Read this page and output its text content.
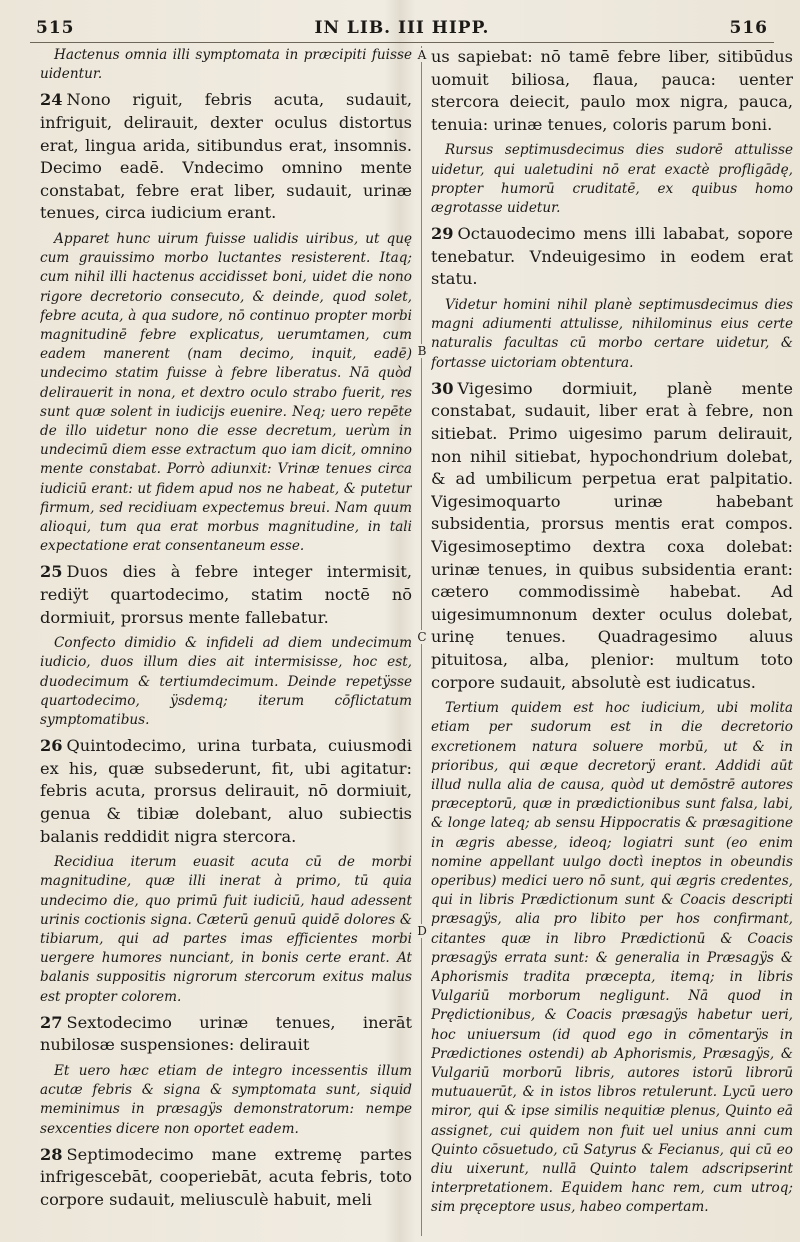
515	IN LIB. III HIPP.	516

Hactenus omnia illi symptomata in præcipiti fuisse uidentur.

24 Nono riguit, febris acuta, sudauit, infriguit, delirauit, dexter oculus distortus erat, lingua arida, sitibundus erat, insomnis. Decimo eadē. Vndecimo omnino mente constabat, febre erat liber, sudauit, urinæ tenues, circa iudicium erant.

Apparet hunc uirum fuisse ualidis uiribus, ut quę cum grauissimo morbo luctantes resisterent. Itaq; cum nihil illi hactenus accidisset boni, uidet die nono rigore decretorio consecuto, & deinde, quod solet, febre acuta, à qua sudore, nō continuo propter morbi magnitudinē febre explicatus, uerumtamen, cum eadem manerent (nam decimo, inquit, eadē) undecimo statim fuisse à febre liberatus. Nā quòd delirauerit in nona, et dextro oculo strabo fuerit, res sunt quæ solent in iudicijs euenire. Neq; uero repēte de illo uidetur nono die esse decretum, uerùm in undecimū diem esse extractum quo iam dicit, omnino mente constabat. Porrò adiunxit: Vrinæ tenues circa iudiciū erant: ut fidem apud nos ne habeat, & putetur firmum, sed recidiuam expectemus breui. Nam quum alioqui, tum qua erat morbus magnitudine, in tali expectatione erat consentaneum esse.

25 Duos dies à febre integer intermisit, rediÿt quartodecimo, statim noctē nō dormiuit, prorsus mente fallebatur.

Confecto dimidio & infideli ad diem undecimum iudicio, duos illum dies ait intermisisse, hoc est, duodecimum & tertiumdecimum. Deinde repetÿsse quartodecimo, ÿsdemq; iterum cōflictatum symptomatibus.

26 Quintodecimo, urina turbata, cuiusmodi ex his, quæ subsederunt, fit, ubi agitatur: febris acuta, prorsus delirauit, nō dormiuit, genua & tibiæ dolebant, aluo subiectis balanis reddidit nigra stercora.

Recidiua iterum euasit acuta cū de morbi magnitudine, quæ illi inerat à primo, tū quia undecimo die, quo primū fuit iudiciū, haud adessent urinis coctionis signa. Cæterū genuū quidē dolores & tibiarum, qui ad partes imas efficientes morbi uergere humores nunciant, in bonis certe erant. At balanis suppositis nigrorum stercorum exitus malus est propter colorem.

27 Sextodecimo urinæ tenues, inerāt nubilosæ suspensiones: delirauit

Et uero hæc etiam de integro incessentis illum acutæ febris & signa & symptomata sunt, siquid meminimus in præsagÿs demonstratorum: nempe sexcenties dicere non oportet eadem.

28 Septimodecimo mane extremę partes infrigescebāt, cooperiebāt, acuta febris, toto corpore sudauit, meliusculè habuit, meli

A
B
C
D

us sapiebat: nō tamē febre liber, sitibūdus uomuit biliosa, flaua, pauca: uenter stercora deiecit, paulo mox nigra, pauca, tenuia: urinæ tenues, coloris parum boni.

Rursus septimusdecimus dies sudorē attulisse uidetur, qui ualetudini nō erat exactè profligādę, propter humorū cruditatē, ex quibus homo ægrotasse uidetur.

29 Octauodecimo mens illi lababat, sopore tenebatur. Vndeuigesimo in eodem erat statu.

Videtur homini nihil planè septimusdecimus dies magni adiumenti attulisse, nihilominus eius certe naturalis facultas cū morbo certare uidetur, & fortasse uictoriam obtentura.

30 Vigesimo dormiuit, planè mente constabat, sudauit, liber erat à febre, non sitiebat. Primo uigesimo parum delirauit, non nihil sitiebat, hypochondrium dolebat, & ad umbilicum perpetua erat palpitatio. Vigesimoquarto urinæ habebant subsidentia, prorsus mentis erat compos. Vigesimoseptimo dextra coxa dolebat: urinæ tenues, in quibus subsidentia erant: cætero commodissimè habebat. Ad uigesimumnonum dexter oculus dolebat, urinę tenues. Quadragesimo aluus pituitosa, alba, plenior: multum toto corpore sudauit, absolutè est iudicatus.

Tertium quidem est hoc iudicium, ubi molita etiam per sudorum est in die decretorio excretionem natura soluere morbū, ut & in prioribus, qui æque decretorÿ erant. Addidi aūt illud nulla alia de causa, quòd ut demōstrē autores præceptorū, quæ in prædictionibus sunt falsa, labi, & longe lateq; ab sensu Hippocratis & præsagitione in ægris abesse, ideoq; logiatri sunt (eo enim nomine appellant uulgo doctì ineptos in obeundis operibus) medici uero nō sunt, qui ægris credentes, qui in libris Prædictionum sunt & Coacis descripti præsagÿs, alia pro libito per hos confirmant, citantes quæ in libro Prædictionū & Coacis præsagÿs errata sunt: & generalia in Præsagÿs & Aphorismis tradita præcepta, itemq; in libris Vulgariū morborum negligunt. Nā quod in Prędictionibus, & Coacis præsagÿs habetur ueri, hoc uniuersum (id quod ego in cōmentarÿs in Prædictiones ostendi) ab Aphorismis, Præsagÿs, & Vulgariū morborū libris, autores istorū librorū mutuauerūt, & in istos libros retulerunt. Lycū uero miror, qui & ipse similis nequitiæ plenus, Quinto eā assignet, cui quidem non fuit uel unius anni cum Quinto cōsuetudo, cū Satyrus & Fecianus, qui cū eo diu uixerunt, nullā Quinto talem adscripserint interpretationem. Equidem hanc rem, cum utroq; sim pręceptore usus, habeo compertam.
